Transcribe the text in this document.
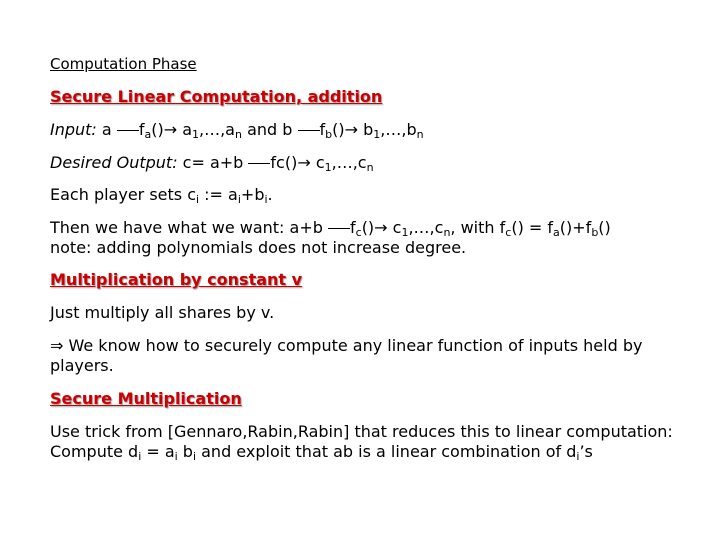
Computation Phase
Secure Linear Computation, addition
Input: a $f_a()\to$ $a_1,\dots,a_n$ and b $f_b()\to$ $b_1,\dots,b_n$
Desired Output: c= a+b $fc()\to c_1,\dots,c_n$
Each player sets $c_i$ := $a_i+b_i$.
Then we have what we want: a+b $f_c()\to$ $c_1,\dots,c_n$, with $f_c() = f_a()+f_b()$
note: adding polynomials does not increase degree.
Multiplication by constant v
Just multiply all shares by v.
⇒ We know how to securely compute any linear function of inputs held by players.
Secure Multiplication
Use trick from [Gennaro,Rabin,Rabin] that reduces this to linear computation: Compute $d_i = a_i$ $b_i$ and exploit that ab is a linear combination of $d_i’s$
